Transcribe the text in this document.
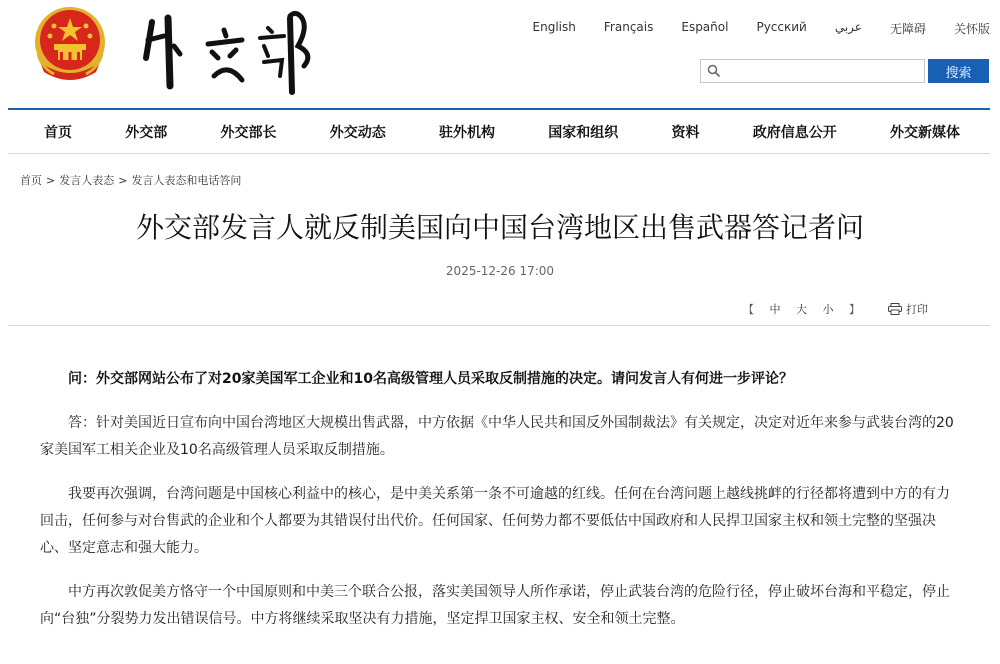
English Français Español Русский عربي 无障碍 关怀版
搜索
首页	外交部	外交部长	外交动态	驻外机构	国家和组织	资料	政府信息公开	外交新媒体
首页 > 发言人表态 > 发言人表态和电话答问
外交部发言人就反制美国向中国台湾地区出售武器答记者问
2025-12-26 17:00
【 中 大 小 】	打印

问：外交部网站公布了对20家美国军工企业和10名高级管理人员采取反制措施的决定。请问发言人有何进一步评论？

答：针对美国近日宣布向中国台湾地区大规模出售武器，中方依据《中华人民共和国反外国制裁法》有关规定，决定对近年来参与武装台湾的20家美国军工相关企业及10名高级管理人员采取反制措施。

我要再次强调，台湾问题是中国核心利益中的核心，是中美关系第一条不可逾越的红线。任何在台湾问题上越线挑衅的行径都将遭到中方的有力回击，任何参与对台售武的企业和个人都要为其错误付出代价。任何国家、任何势力都不要低估中国政府和人民捍卫国家主权和领土完整的坚强决心、坚定意志和强大能力。

中方再次敦促美方恪守一个中国原则和中美三个联合公报，落实美国领导人所作承诺，停止武装台湾的危险行径，停止破坏台海和平稳定，停止向“台独”分裂势力发出错误信号。中方将继续采取坚决有力措施，坚定捍卫国家主权、安全和领土完整。
